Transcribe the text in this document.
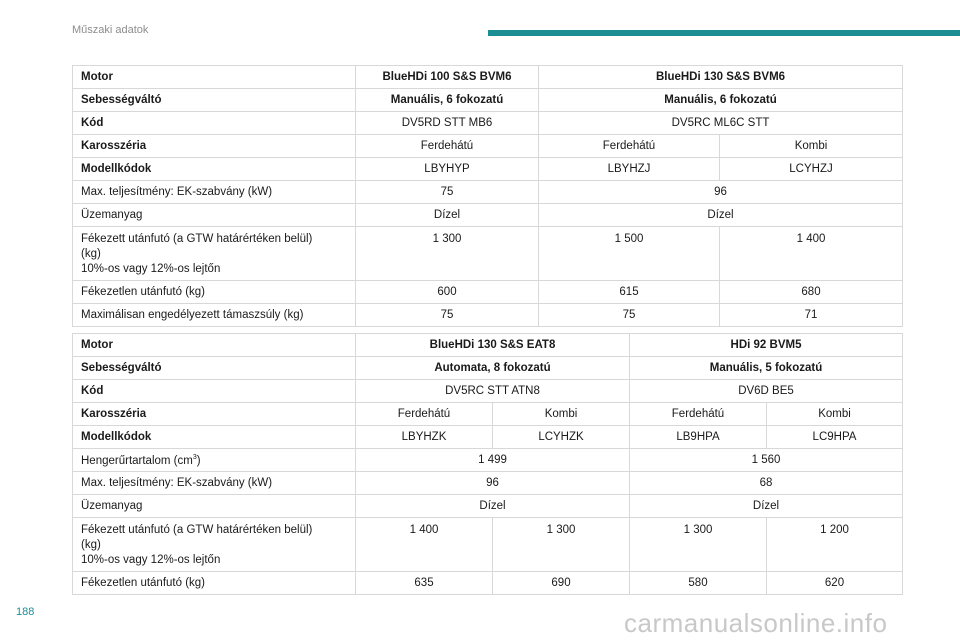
Műszaki adatok
Motor	BlueHDi 100 S&S BVM6	BlueHDi 130 S&S BVM6	
Sebességváltó	Manuális, 6 fokozatú	Manuális, 6 fokozatú	
Kód	DV5RD STT MB6	DV5RC ML6C STT	
Karosszéria	Ferdehátú	Ferdehátú	Kombi
Modellkódok	LBYHYP	LBYHZJ	LCYHZJ
Max. teljesítmény: EK-szabvány (kW)	75	96	
Üzemanyag	Dízel	Dízel	

Fékezett utánfutó (a GTW határértéken belül)
(kg)
10%-os vagy 12%-os lejtőn	1 300	1 500	1 400
Fékezetlen utánfutó (kg)	600	615	680
Maximálisan engedélyezett támaszsúly (kg)	75	75	71
Motor	BlueHDi 130 S&S EAT8		HDi 92 BVM5	
Sebességváltó	Automata, 8 fokozatú		Manuális, 5 fokozatú	
Kód	DV5RC STT ATN8		DV6D BE5	
Karosszéria	Ferdehátú	Kombi	Ferdehátú	Kombi
Modellkódok	LBYHZK	LCYHZK	LB9HPA	LC9HPA
Hengerűrtartalom $(cm^3)$	1 499		1 560	
Max. teljesítmény: EK-szabvány (kW)	96		68	
Üzemanyag	Dízel		Dízel	

Fékezett utánfutó (a GTW határértéken belül)
(kg)
10%-os vagy 12%-os lejtőn	1 400	1 300	1 300	1 200
Fékezetlen utánfutó (kg)	635	690	580	620
188	carmanualsonline.info
